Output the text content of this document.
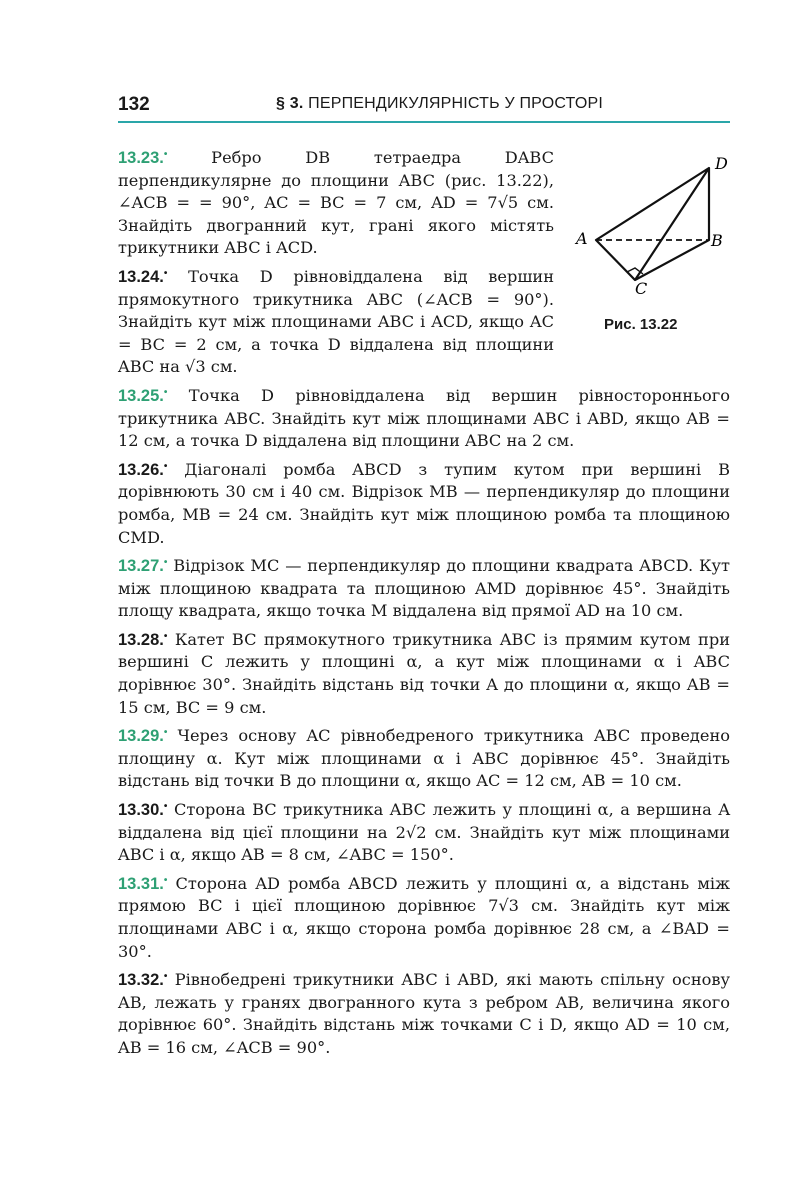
132	§ 3. ПЕРПЕНДИКУЛЯРНІСТЬ У ПРОСТОРІ
D
A	B
C
Рис. 13.22
13.23.•	Ребро DB тетраедра DABC перпендикулярне до площини ABC (рис. 13.22), ∠ACB = = 90°, AC = BC = 7 см, AD = 7√5 см. Знайдіть двогранний кут, грані якого містять трикутники ABC і ACD.
13.24.• Точка D рівновіддалена від вершин прямокутного трикутника ABC (∠ACB = 90°). Знайдіть кут між площинами ABC і ACD, якщо AC = BC = 2 см, а точка D віддалена від площини ABC на √3 см.
13.25.• Точка D рівновіддалена від вершин рівностороннього трикутника ABC. Знайдіть кут між площинами ABC і ABD, якщо AB = 12 см, а точка D віддалена від площини ABC на 2 см.
13.26.• Діагоналі ромба ABCD з тупим кутом при вершині B дорівнюють 30 см і 40 см. Відрізок MB — перпендикуляр до площини ромба, MB = 24 см. Знайдіть кут між площиною ромба та площиною CMD.
13.27.• Відрізок MC — перпендикуляр до площини квадрата ABCD. Кут між площиною квадрата та площиною AMD дорівнює 45°. Знайдіть площу квадрата, якщо точка M віддалена від прямої AD на 10 см.
13.28.• Катет BC прямокутного трикутника ABC із прямим кутом при вершині C лежить у площині α, а кут між площинами α і ABC дорівнює 30°. Знайдіть відстань від точки A до площини α, якщо AB = 15 см, BC = 9 см.
13.29.• Через основу AC рівнобедреного трикутника ABC проведено площину α. Кут між площинами α і ABC дорівнює 45°. Знайдіть відстань від точки B до площини α, якщо AC = 12 см, AB = 10 см.
13.30.• Сторона BC трикутника ABC лежить у площині α, а вершина A віддалена від цієї площини на 2√2 см. Знайдіть кут між площинами ABC і α, якщо AB = 8 см, ∠ABC = 150°.
13.31.• Сторона AD ромба ABCD лежить у площині α, а відстань між прямою BC і цієї площиною дорівнює 7√3 см. Знайдіть кут між площинами ABC і α, якщо сторона ромба дорівнює 28 см, а ∠BAD = 30°.
13.32.• Рівнобедрені трикутники ABC і ABD, які мають спільну основу AB, лежать у гранях двогранного кута з ребром AB, величина якого дорівнює 60°. Знайдіть відстань між точками C і D, якщо AD = 10 см, AB = 16 см, ∠ACB = 90°.
